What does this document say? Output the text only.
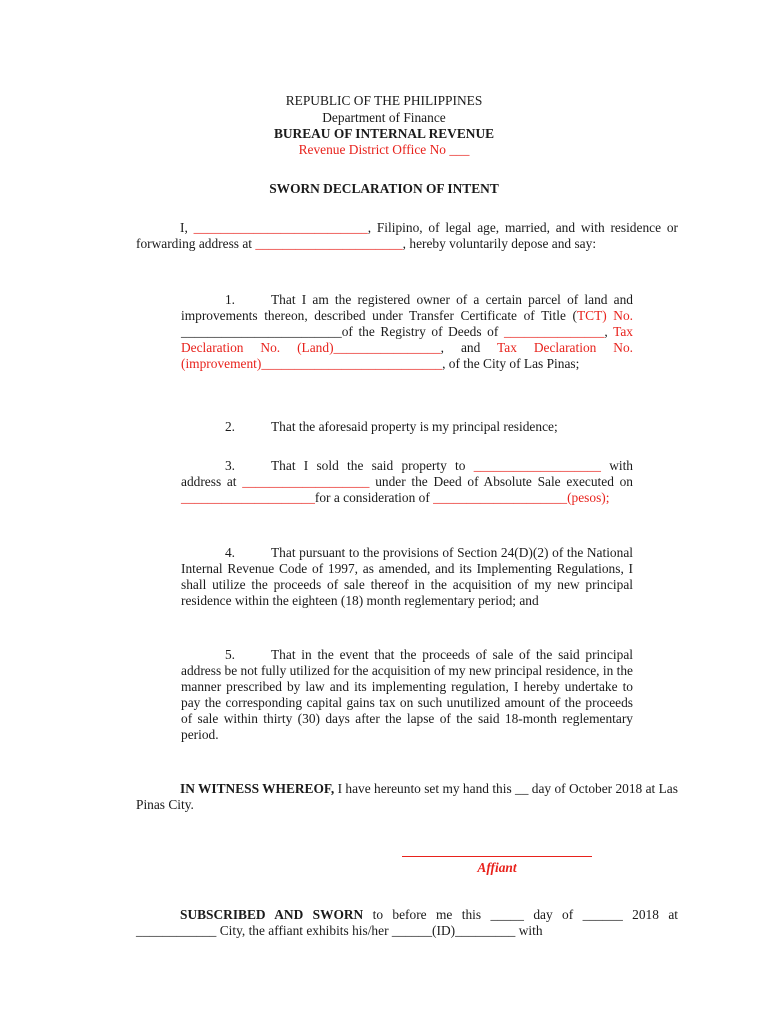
REPUBLIC OF THE PHILIPPINES
Department of Finance
BUREAU OF INTERNAL REVENUE
Revenue District Office No ___
SWORN DECLARATION OF INTENT

I, __________________________, Filipino, of legal age, married, and with residence or forwarding address at ______________________, hereby voluntarily depose and say:

1.	That I am the registered owner of a certain parcel of land and improvements thereon, described under Transfer Certificate of Title (TCT) No. ________________________of the Registry of Deeds of _______________, Tax Declaration No. (Land)________________, and Tax Declaration No. (improvement)___________________________, of the City of Las Pinas;

2.	That the aforesaid property is my principal residence;

3.	That I sold the said property to ___________________ with address at ___________________ under the Deed of Absolute Sale executed on ____________________for a consideration of ____________________(pesos);

4.	That pursuant to the provisions of Section 24(D)(2) of the National Internal Revenue Code of 1997, as amended, and its Implementing Regulations, I shall utilize the proceeds of sale thereof in the acquisition of my new principal residence within the eighteen (18) month reglementary period; and

5.	That in the event that the proceeds of sale of the said principal address be not fully utilized for the acquisition of my new principal residence, in the manner prescribed by law and its implementing regulation, I hereby undertake to pay the corresponding capital gains tax on such unutilized amount of the proceeds of sale within thirty (30) days after the lapse of the said 18-month reglementary period.

IN WITNESS WHEREOF, I have hereunto set my hand this __ day of October 2018 at Las Pinas City.

Affiant

SUBSCRIBED AND SWORN to before me this _____ day of ______ 2018 at ____________ City, the affiant exhibits his/her ______(ID)_________ with
